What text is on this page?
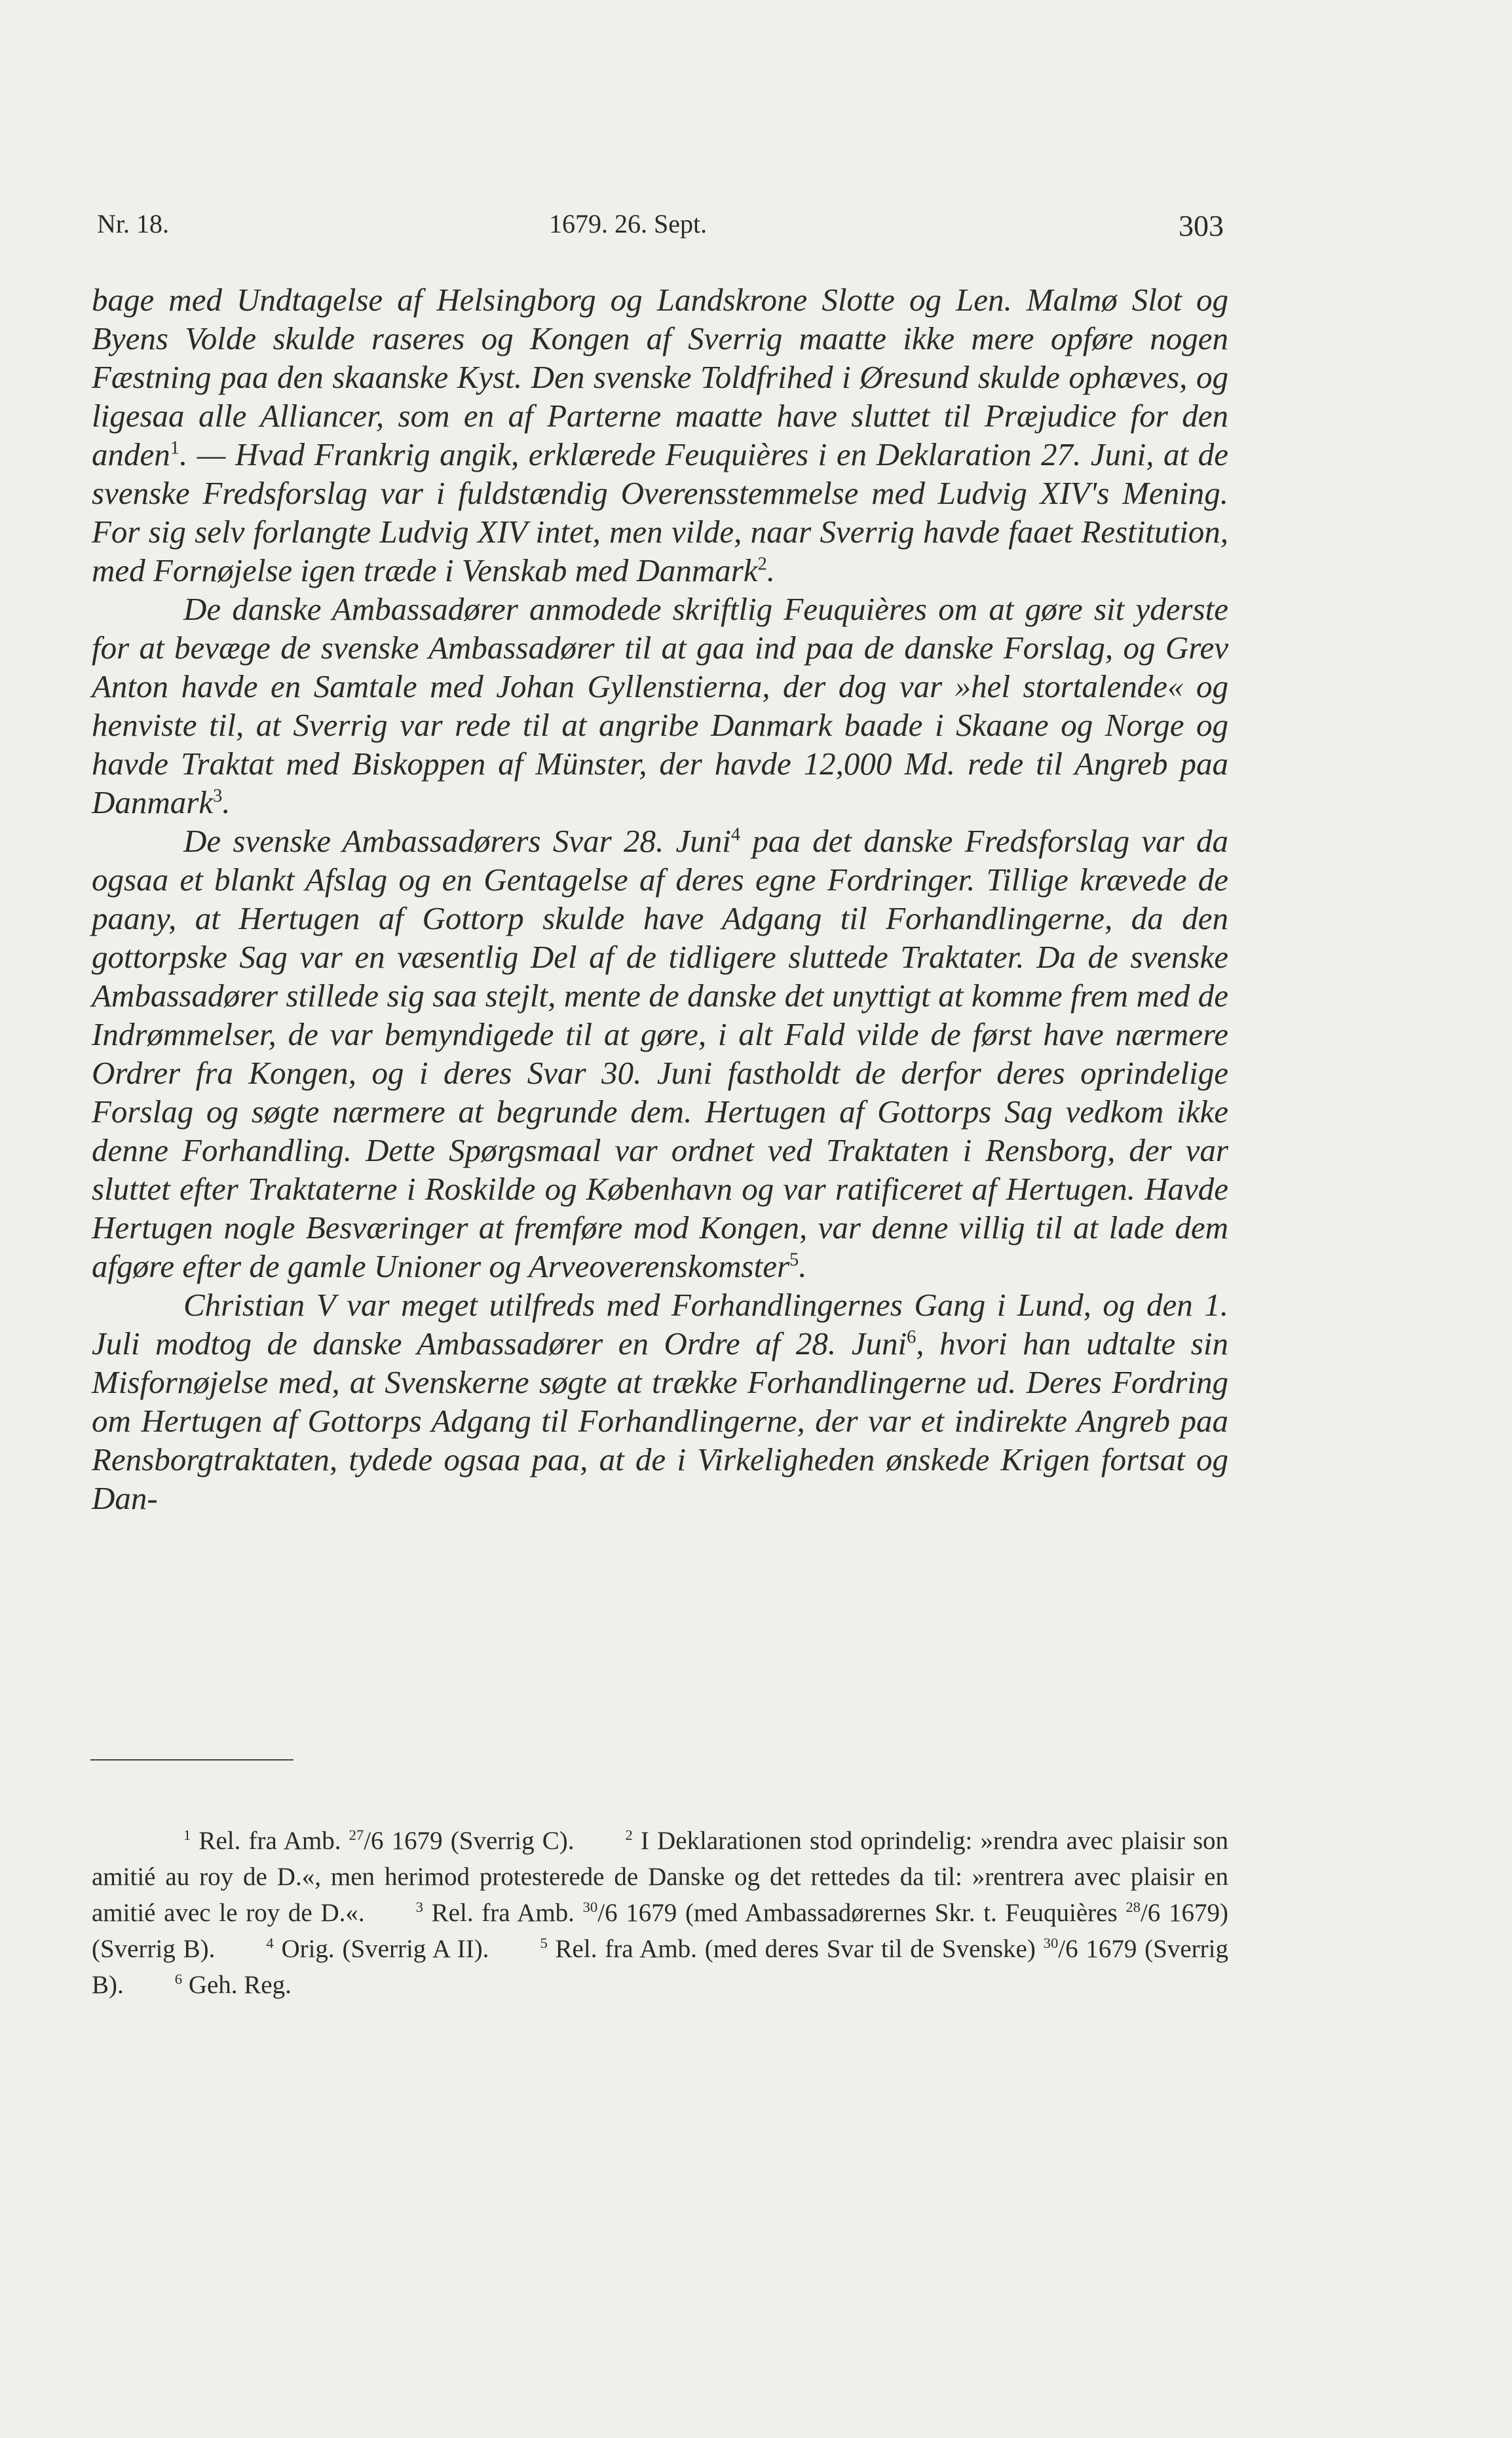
Nr. 18.	1679. 26. Sept.	303

bage med Undtagelse af Helsingborg og Landskrone Slotte og Len. Malmø Slot og Byens Volde skulde raseres og Kongen af Sverrig maatte ikke mere opføre nogen Fæstning paa den skaanske Kyst. Den svenske Toldfrihed i Øresund skulde ophæves, og ligesaa alle Alliancer, som en af Parterne maatte have sluttet til Præjudice for den anden$^1$. — Hvad Frankrig angik, erklærede Feuquières i en Deklaration 27. Juni, at de svenske Fredsforslag var i fuldstændig Overensstemmelse med Ludvig XIV's Mening. For sig selv forlangte Ludvig XIV intet, men vilde, naar Sverrig havde faaet Restitution, med Fornøjelse igen træde i Venskab med Danmark$^2$.

De danske Ambassadører anmodede skriftlig Feuquières om at gøre sit yderste for at bevæge de svenske Ambassadører til at gaa ind paa de danske Forslag, og Grev Anton havde en Samtale med Johan Gyllenstierna, der dog var »hel stortalende« og henviste til, at Sverrig var rede til at angribe Danmark baade i Skaane og Norge og havde Traktat med Biskoppen af Münster, der havde 12,000 Md. rede til Angreb paa Danmark$^3$.

De svenske Ambassadørers Svar 28. Juni$^4$ paa det danske Fredsforslag var da ogsaa et blankt Afslag og en Gentagelse af deres egne Fordringer. Tillige krævede de paany, at Hertugen af Gottorp skulde have Adgang til Forhandlingerne, da den gottorpske Sag var en væsentlig Del af de tidligere sluttede Traktater. Da de svenske Ambassadører stillede sig saa stejlt, mente de danske det unyttigt at komme frem med de Indrømmelser, de var bemyndigede til at gøre, i alt Fald vilde de først have nærmere Ordrer fra Kongen, og i deres Svar 30. Juni fastholdt de derfor deres oprindelige Forslag og søgte nærmere at begrunde dem. Hertugen af Gottorps Sag vedkom ikke denne Forhandling. Dette Spørgsmaal var ordnet ved Traktaten i Rensborg, der var sluttet efter Traktaterne i Roskilde og København og var ratificeret af Hertugen. Havde Hertugen nogle Besværinger at fremføre mod Kongen, var denne villig til at lade dem afgøre efter de gamle Unioner og Arveoverenskomster$^5$.

Christian V var meget utilfreds med Forhandlingernes Gang i Lund, og den 1. Juli modtog de danske Ambassadører en Ordre af 28. Juni$^6$, hvori han udtalte sin Misfornøjelse med, at Svenskerne søgte at trække Forhandlingerne ud. Deres Fordring om Hertugen af Gottorps Adgang til Forhandlingerne, der var et indirekte Angreb paa Rensborgtraktaten, tydede ogsaa paa, at de i Virkeligheden ønskede Krigen fortsat og Dan-

$^1$ Rel. fra Amb. $^{27}$/6 1679 (Sverrig C).  	$^2$ I Deklarationen stod oprindelig: »rendra avec plaisir son amitié au roy de D.«, men herimod protesterede de Danske og det rettedes da til: »rentrera avec plaisir en amitié avec le roy de D.«.  	$^3$ Rel. fra Amb. $^{30}$/6 1679 (med Ambassadørernes Skr. t. Feuquières $^{28}$/6 1679) (Sverrig B).  	$^4$ Orig. (Sverrig A II).  	$^5$ Rel. fra Amb. (med deres Svar til de Svenske) $^{30}$/6 1679 (Sverrig B).  	$^6$ Geh. Reg.
